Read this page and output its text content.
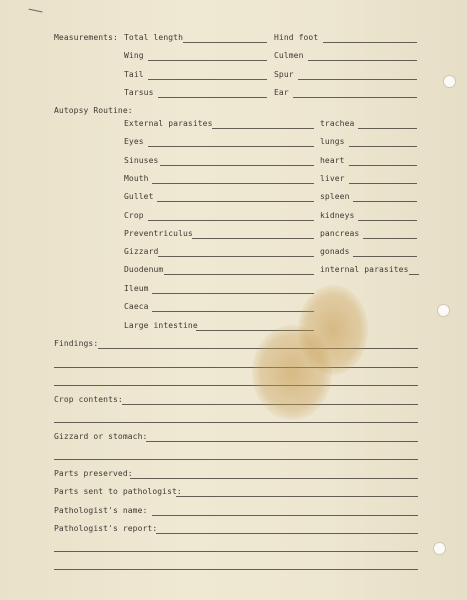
Measurements: Total length
Wing
Tail
Tarsus
Hind foot
Culmen
Spur
Ear
Autopsy Routine:
External parasites
Eyes
Sinuses
Mouth
Gullet
Crop
Preventriculus
Gizzard
Duodenum
Ileum
Caeca
Large intestine
trachea
lungs
heart
liver
spleen
kidneys
pancreas
gonads
internal parasites
Findings:
Crop contents:
Gizzard or stomach:
Parts preserved:
Parts sent to pathologist:
Pathologist's name:
Pathologist's report:
